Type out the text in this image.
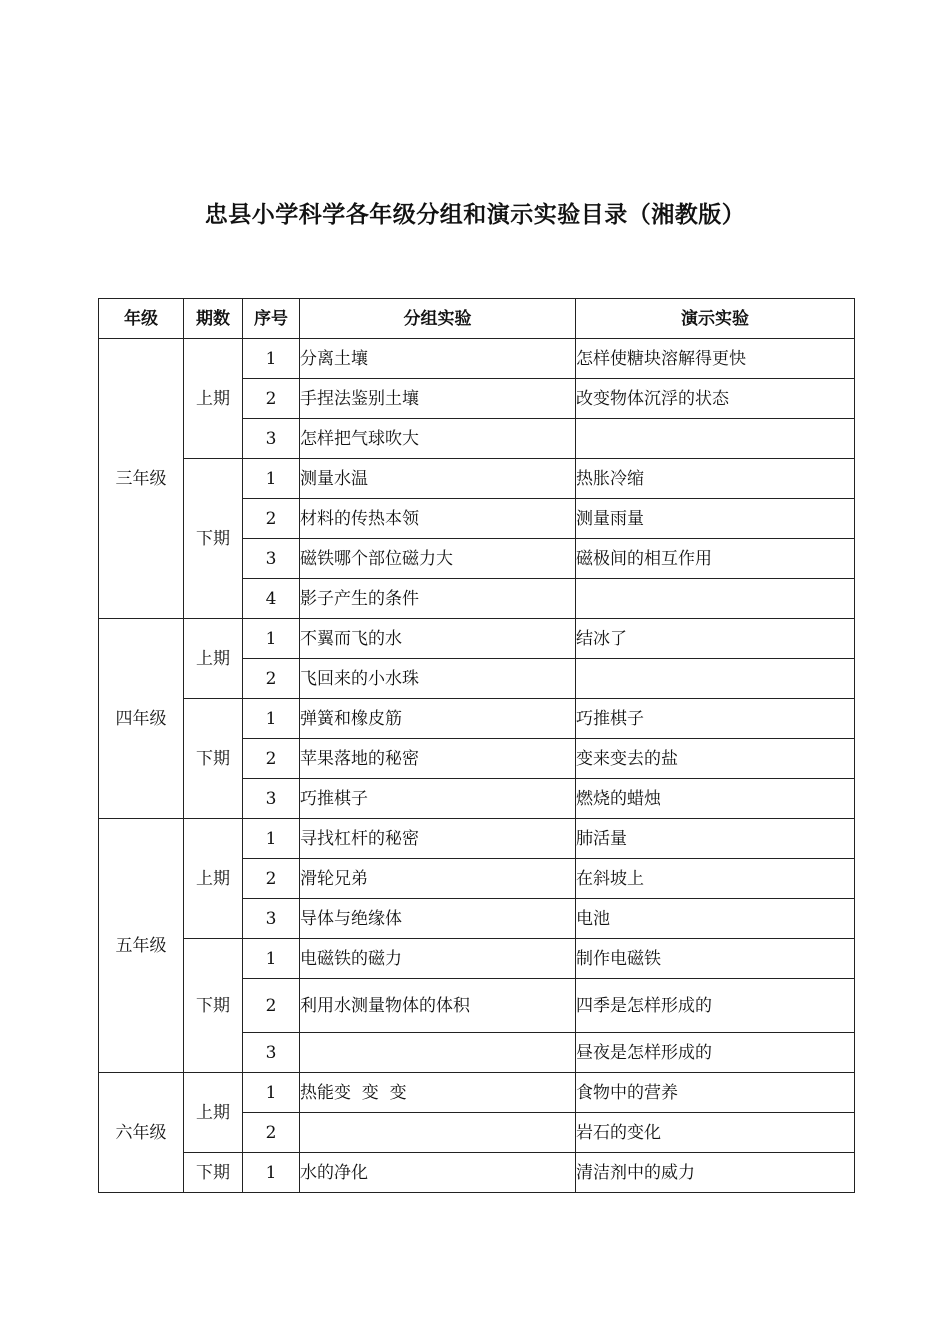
忠县小学科学各年级分组和演示实验目录（湘教版）
年级	期数	序号	分组实验	演示实验
三年级	上期	1	分离土壤	怎样使糖块溶解得更快
		2	手捏法鉴别土壤	改变物体沉浮的状态
		3	怎样把气球吹大	
	下期	1	测量水温	热胀冷缩
		2	材料的传热本领	测量雨量
		3	磁铁哪个部位磁力大	磁极间的相互作用
		4	影子产生的条件	
四年级	上期	1	不翼而飞的水	结冰了
		2	飞回来的小水珠	
	下期	1	弹簧和橡皮筋	巧推棋子
		2	苹果落地的秘密	变来变去的盐
		3	巧推棋子	燃烧的蜡烛
五年级	上期	1	寻找杠杆的秘密	肺活量
		2	滑轮兄弟	在斜坡上
		3	导体与绝缘体	电池
	下期	1	电磁铁的磁力	制作电磁铁
		2	利用水测量物体的体积	四季是怎样形成的
		3		昼夜是怎样形成的
六年级	上期	1	热能变  变  变	食物中的营养
		2		岩石的变化
	下期	1	水的净化	清洁剂中的威力
